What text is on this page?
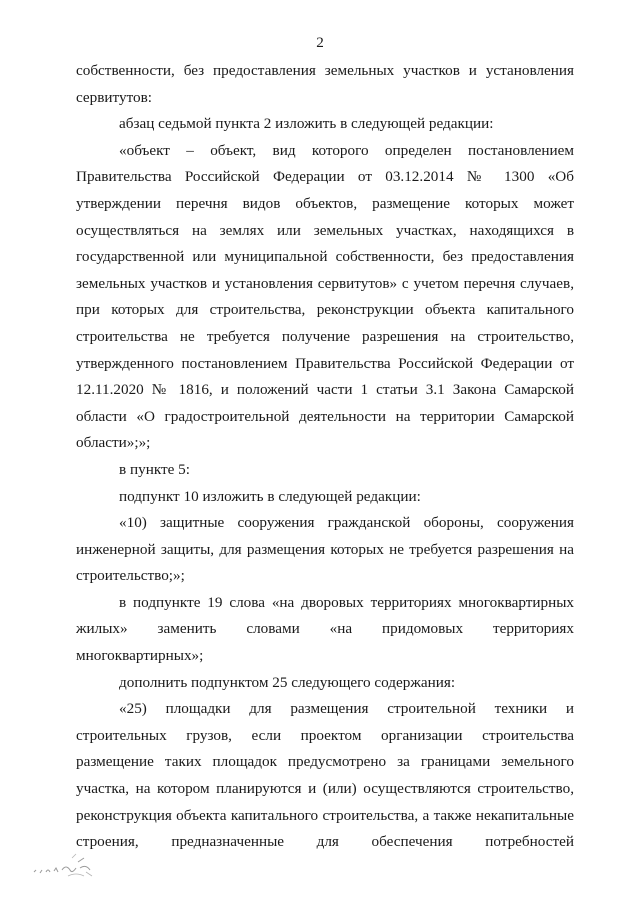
2

собственности, без предоставления земельных участков и установления сервитутов:

абзац седьмой пункта 2 изложить в следующей редакции:

«объект – объект, вид которого определен постановлением Правительства Российской Федерации от 03.12.2014 № 1300 «Об утверждении перечня видов объектов, размещение которых может осуществляться на землях или земельных участках, находящихся в государственной или муниципальной собственности, без предоставления земельных участков и установления сервитутов» с учетом перечня случаев, при которых для строительства, реконструкции объекта капитального строительства не требуется получение разрешения на строительство, утвержденного постановлением Правительства Российской Федерации от 12.11.2020 № 1816, и положений части 1 статьи 3.1 Закона Самарской области «О градостроительной деятельности на территории Самарской области»;»;

в пункте 5:

подпункт 10 изложить в следующей редакции:

«10) защитные сооружения гражданской обороны, сооружения инженерной защиты, для размещения которых не требуется разрешения на строительство;»;

в подпункте 19 слова «на дворовых территориях многоквартирных жилых» заменить словами «на придомовых территориях многоквартирных»;

дополнить подпунктом 25 следующего содержания:

«25) площадки для размещения строительной техники и строительных грузов, если проектом организации строительства размещение таких площадок предусмотрено за границами земельного участка, на котором планируются и (или) осуществляются строительство, реконструкция объекта капитального строительства, а также некапитальные строения, предназначенные для обеспечения потребностей
